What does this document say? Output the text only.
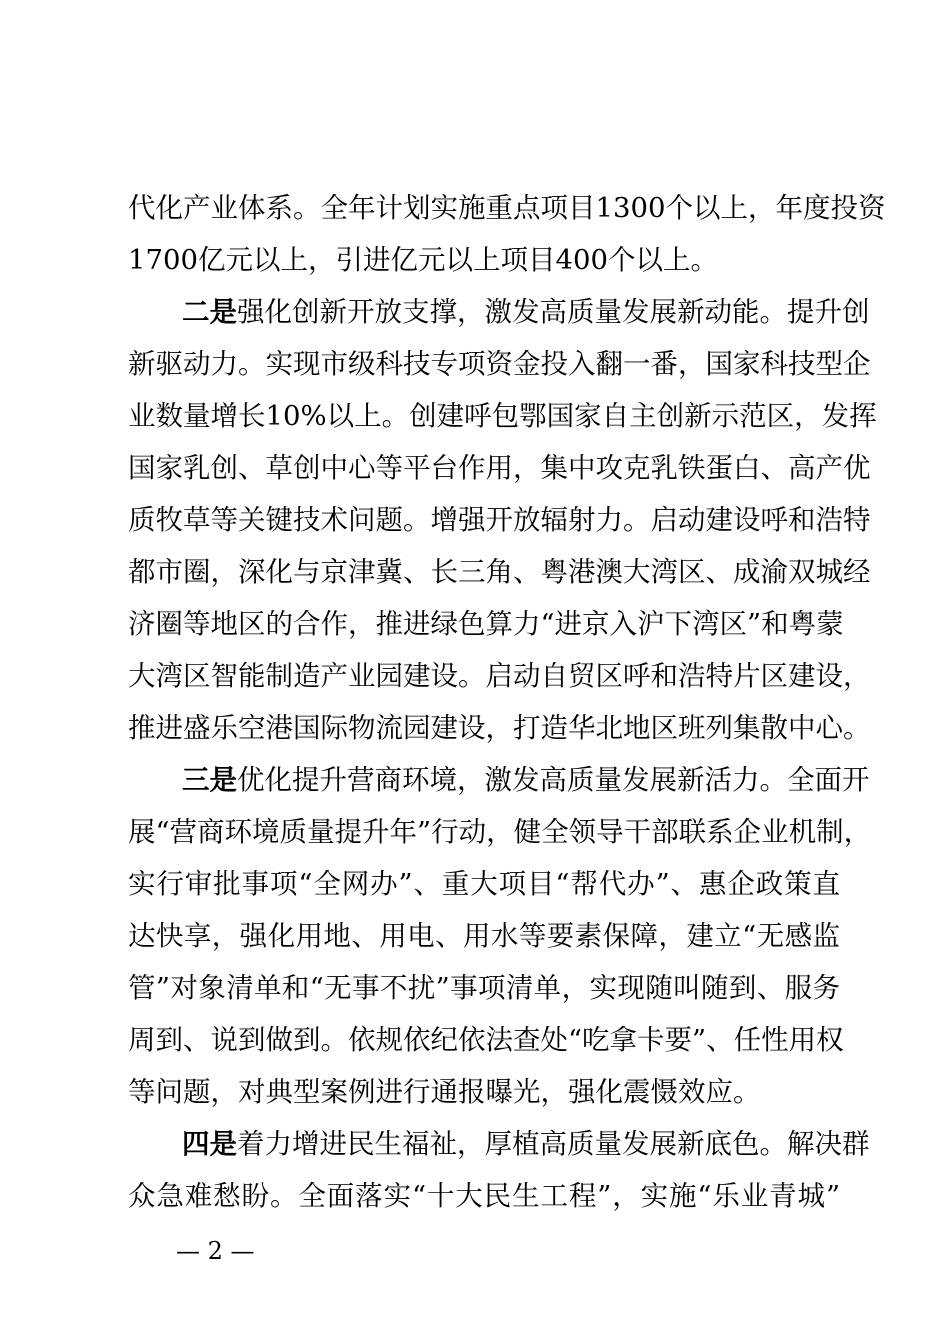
代化产业体系。全年计划实施重点项目1300个以上，年度投资
1700亿元以上，引进亿元以上项目400个以上。
二是强化创新开放支撑，激发高质量发展新动能。提升创
新驱动力。实现市级科技专项资金投入翻一番，国家科技型企
业数量增长10%以上。创建呼包鄂国家自主创新示范区，发挥
国家乳创、草创中心等平台作用，集中攻克乳铁蛋白、高产优
质牧草等关键技术问题。增强开放辐射力。启动建设呼和浩特
都市圈，深化与京津冀、长三角、粤港澳大湾区、成渝双城经
济圈等地区的合作，推进绿色算力“进京入沪下湾区”和粤蒙
大湾区智能制造产业园建设。启动自贸区呼和浩特片区建设，
推进盛乐空港国际物流园建设，打造华北地区班列集散中心。
三是优化提升营商环境，激发高质量发展新活力。全面开
展“营商环境质量提升年”行动，健全领导干部联系企业机制，
实行审批事项“全网办”、重大项目“帮代办”、惠企政策直
达快享，强化用地、用电、用水等要素保障，建立“无感监
管”对象清单和“无事不扰”事项清单，实现随叫随到、服务
周到、说到做到。依规依纪依法查处“吃拿卡要”、任性用权
等问题，对典型案例进行通报曝光，强化震慑效应。
四是着力增进民生福祉，厚植高质量发展新底色。解决群
众急难愁盼。全面落实“十大民生工程”，实施“乐业青城”
— 2 —
